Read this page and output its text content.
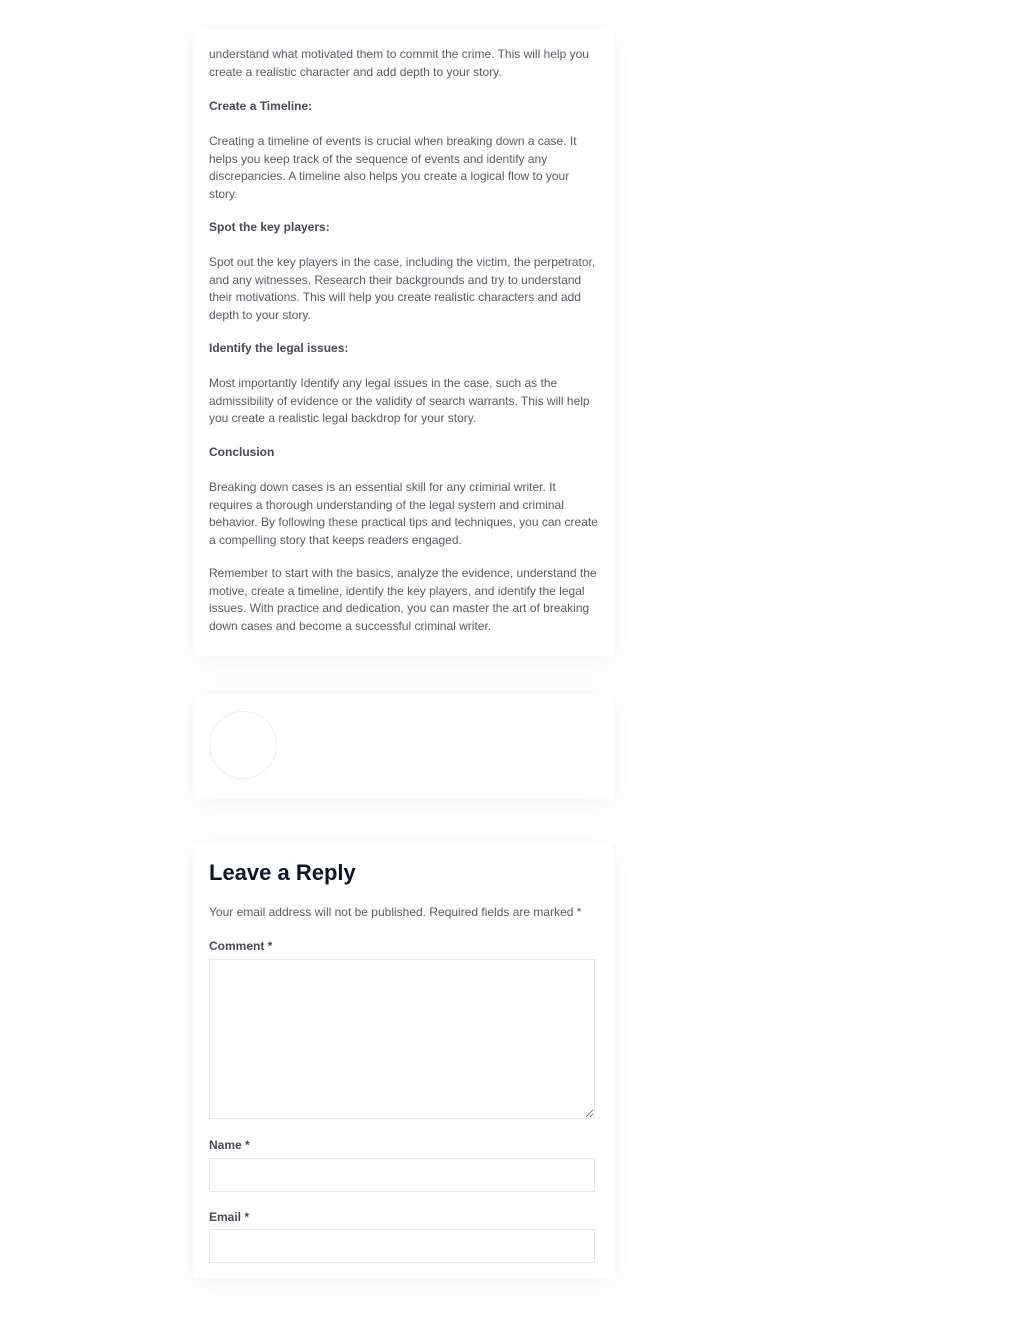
understand what motivated them to commit the crime. This will help you create a realistic character and add depth to your story.

Create a Timeline:

Creating a timeline of events is crucial when breaking down a case. It helps you keep track of the sequence of events and identify any discrepancies. A timeline also helps you create a logical flow to your story.

Spot the key players:

Spot out the key players in the case, including the victim, the perpetrator, and any witnesses. Research their backgrounds and try to understand their motivations. This will help you create realistic characters and add depth to your story.

Identify the legal issues:

Most importantly Identify any legal issues in the case, such as the admissibility of evidence or the validity of search warrants. This will help you create a realistic legal backdrop for your story.

Conclusion

Breaking down cases is an essential skill for any criminal writer. It requires a thorough understanding of the legal system and criminal behavior. By following these practical tips and techniques, you can create a compelling story that keeps readers engaged.

Remember to start with the basics, analyze the evidence, understand the motive, create a timeline, identify the key players, and identify the legal issues. With practice and dedication, you can master the art of breaking down cases and become a successful criminal writer.

Leave a Reply

Your email address will not be published. Required fields are marked *

Comment *
Name *
Email *
